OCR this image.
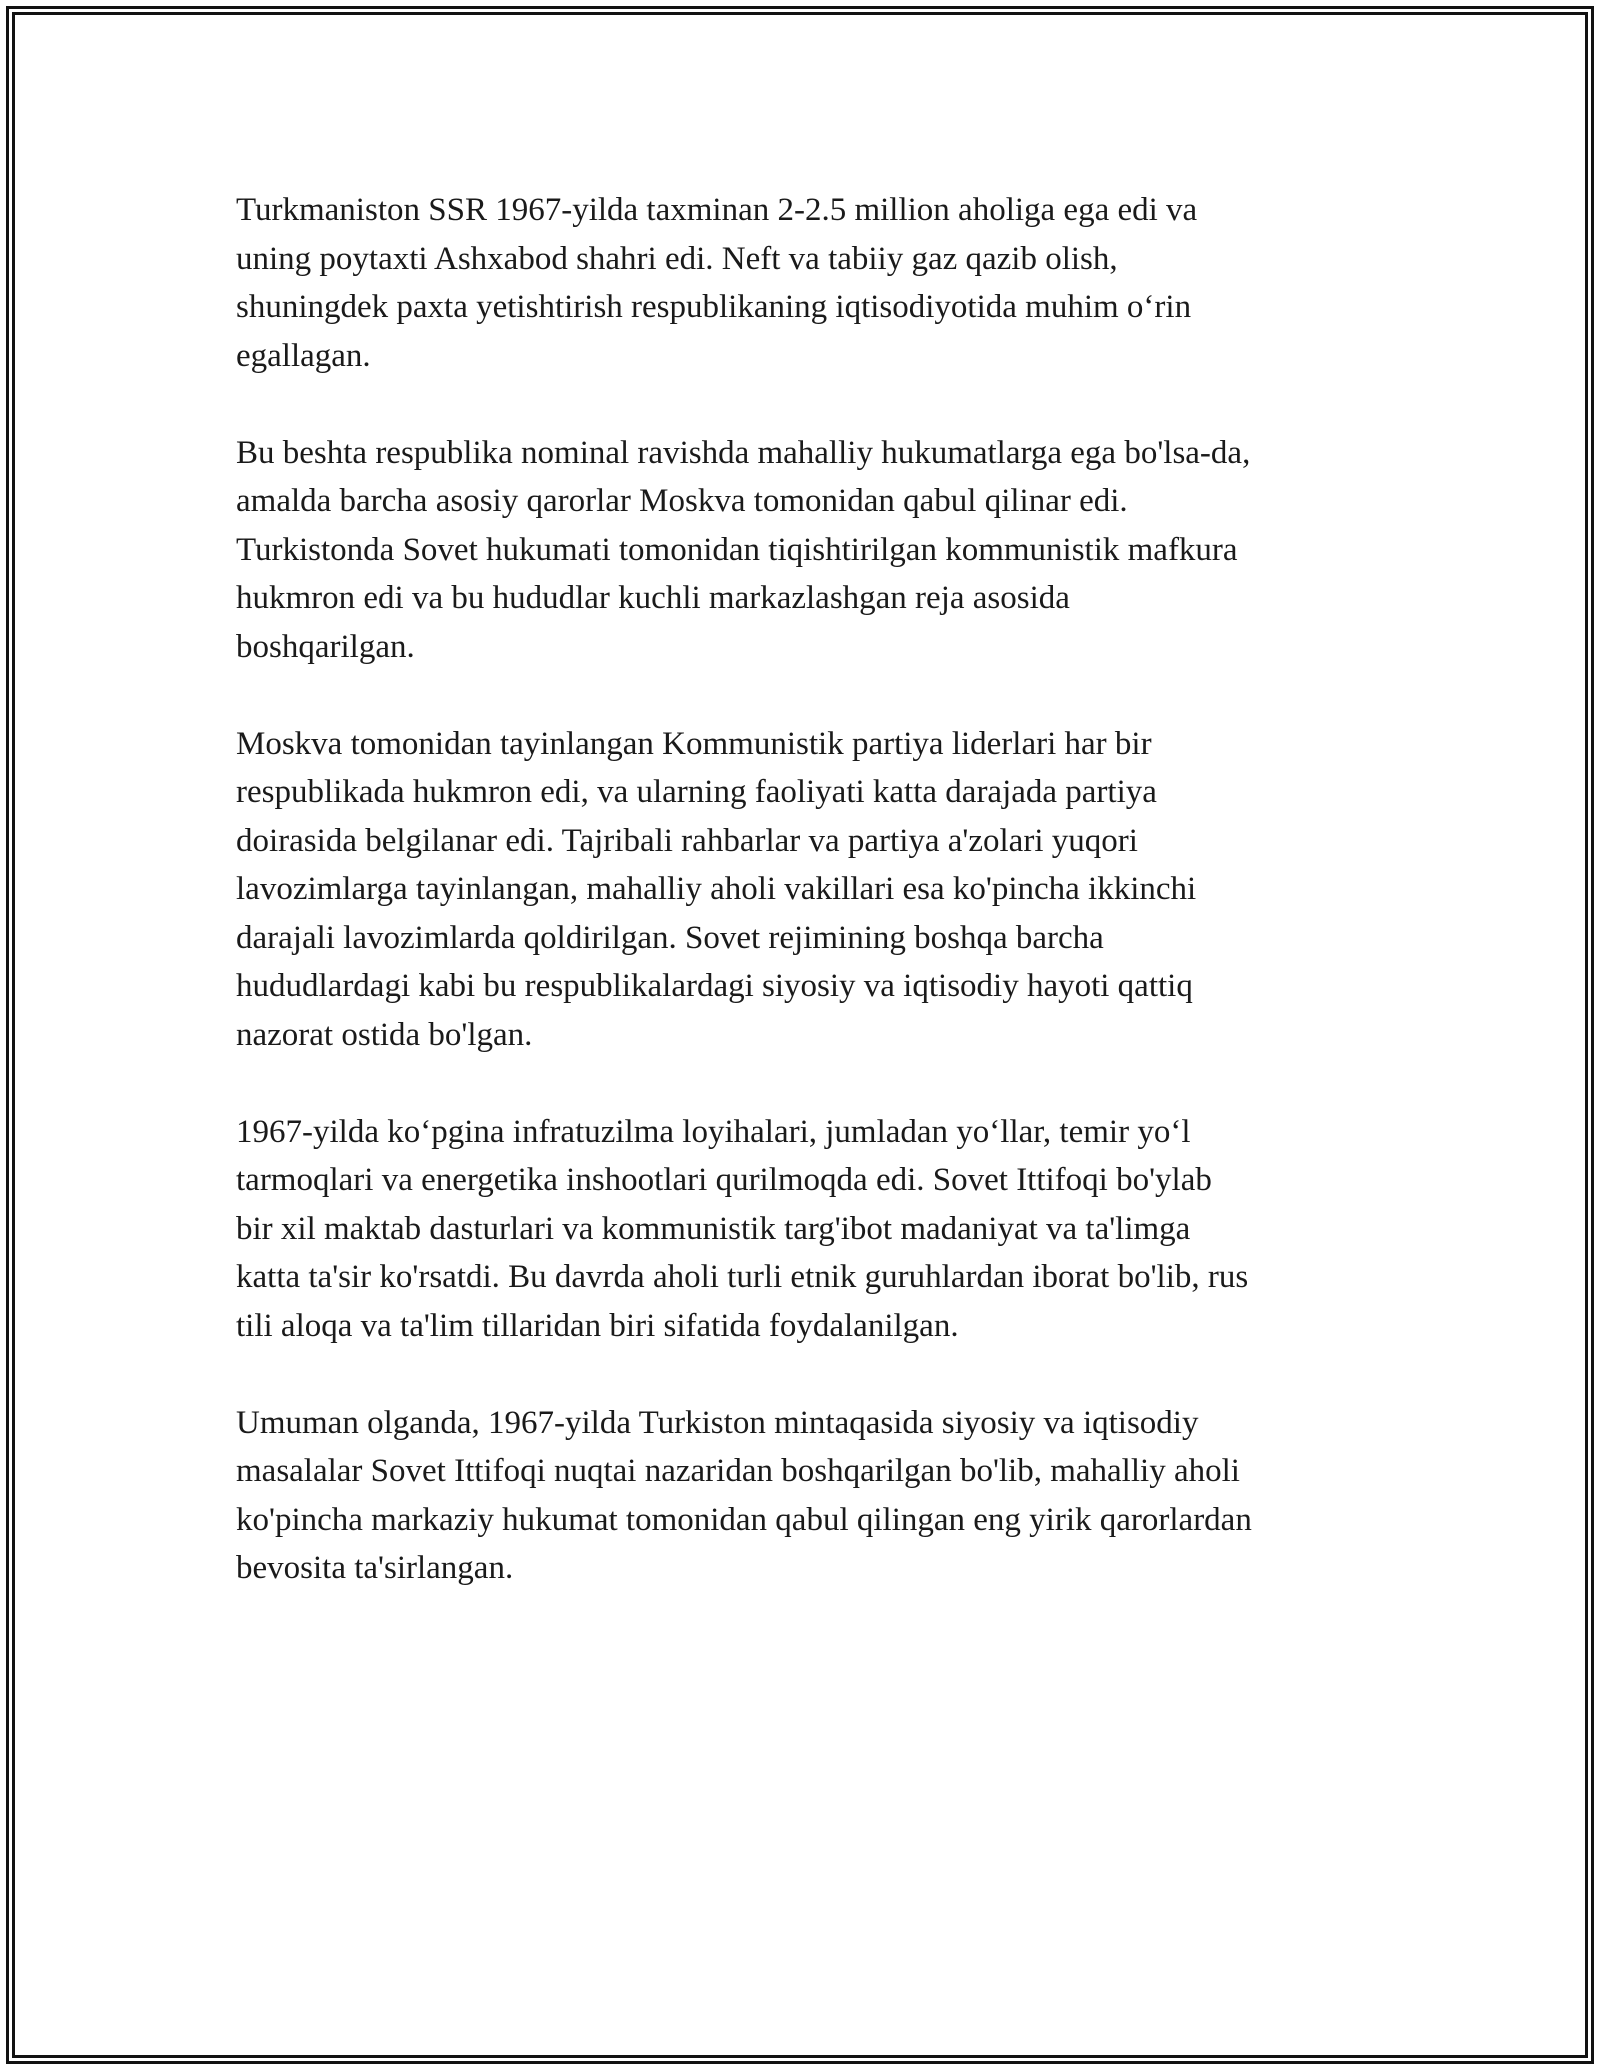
Turkmaniston SSR 1967-yilda taxminan 2-2.5 million aholiga ega edi va
uning poytaxti Ashxabod shahri edi. Neft va tabiiy gaz qazib olish,
shuningdek paxta yetishtirish respublikaning iqtisodiyotida muhim o‘rin
egallagan.

Bu beshta respublika nominal ravishda mahalliy hukumatlarga ega bo'lsa-da,
amalda barcha asosiy qarorlar Moskva tomonidan qabul qilinar edi.
Turkistonda Sovet hukumati tomonidan tiqishtirilgan kommunistik mafkura
hukmron edi va bu hududlar kuchli markazlashgan reja asosida
boshqarilgan.

Moskva tomonidan tayinlangan Kommunistik partiya liderlari har bir
respublikada hukmron edi, va ularning faoliyati katta darajada partiya
doirasida belgilanar edi. Tajribali rahbarlar va partiya a'zolari yuqori
lavozimlarga tayinlangan, mahalliy aholi vakillari esa ko'pincha ikkinchi
darajali lavozimlarda qoldirilgan. Sovet rejimining boshqa barcha
hududlardagi kabi bu respublikalardagi siyosiy va iqtisodiy hayoti qattiq
nazorat ostida bo'lgan.

1967-yilda ko‘pgina infratuzilma loyihalari, jumladan yo‘llar, temir yo‘l
tarmoqlari va energetika inshootlari qurilmoqda edi. Sovet Ittifoqi bo'ylab
bir xil maktab dasturlari va kommunistik targ'ibot madaniyat va ta'limga
katta ta'sir ko'rsatdi. Bu davrda aholi turli etnik guruhlardan iborat bo'lib, rus
tili aloqa va ta'lim tillaridan biri sifatida foydalanilgan.

Umuman olganda, 1967-yilda Turkiston mintaqasida siyosiy va iqtisodiy
masalalar Sovet Ittifoqi nuqtai nazaridan boshqarilgan bo'lib, mahalliy aholi
ko'pincha markaziy hukumat tomonidan qabul qilingan eng yirik qarorlardan
bevosita ta'sirlangan.
